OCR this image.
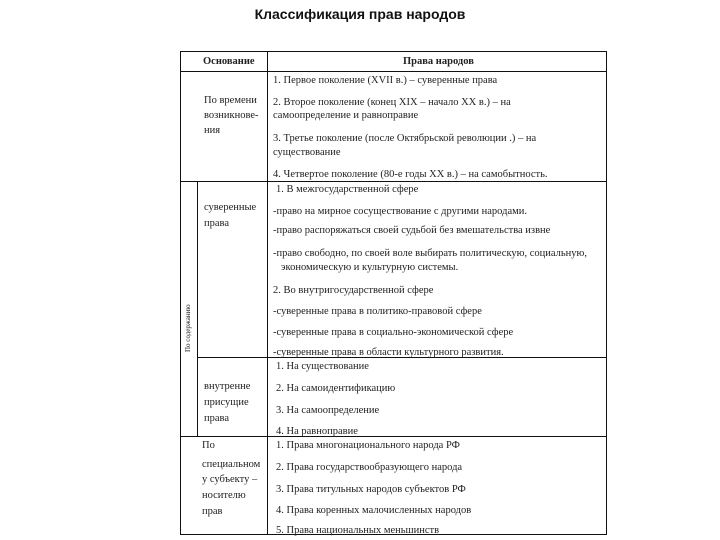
Классификация прав народов
Основание	Права народов
По времени
возникнове-
ния
1. Первое поколение (XVII в.) – суверенные права
2. Второе поколение (конец XIX – начало XX в.) – на
самоопределение и равноправие
3. Третье поколение (после Октябрьской революции .) – на
существование
4. Четвертое поколение (80-е годы XX в.) – на самобытность.
По содержанию
суверенные
права
1. В межгосударственной сфере
-право на мирное сосуществование с другими народами.
-право распоряжаться своей судьбой без вмешательства извне
-право свободно, по своей воле выбирать политическую, социальную,
экономическую и культурную системы.
2. Во внутригосударственной сфере
-суверенные права в политико-правовой сфере
-суверенные права в социально-экономической сфере
-суверенные права в области культурного развития.
внутренне
присущие
права
1. На существование
2. На самоидентификацию
3. На самоопределение
4. На равноправие
По
специальном
у субъекту –
носителю
прав
1. Права многонационального народа РФ
2. Права государствообразующего народа
3. Права титульных народов субъектов РФ
4. Права коренных малочисленных народов
5. Права национальных меньшинств
